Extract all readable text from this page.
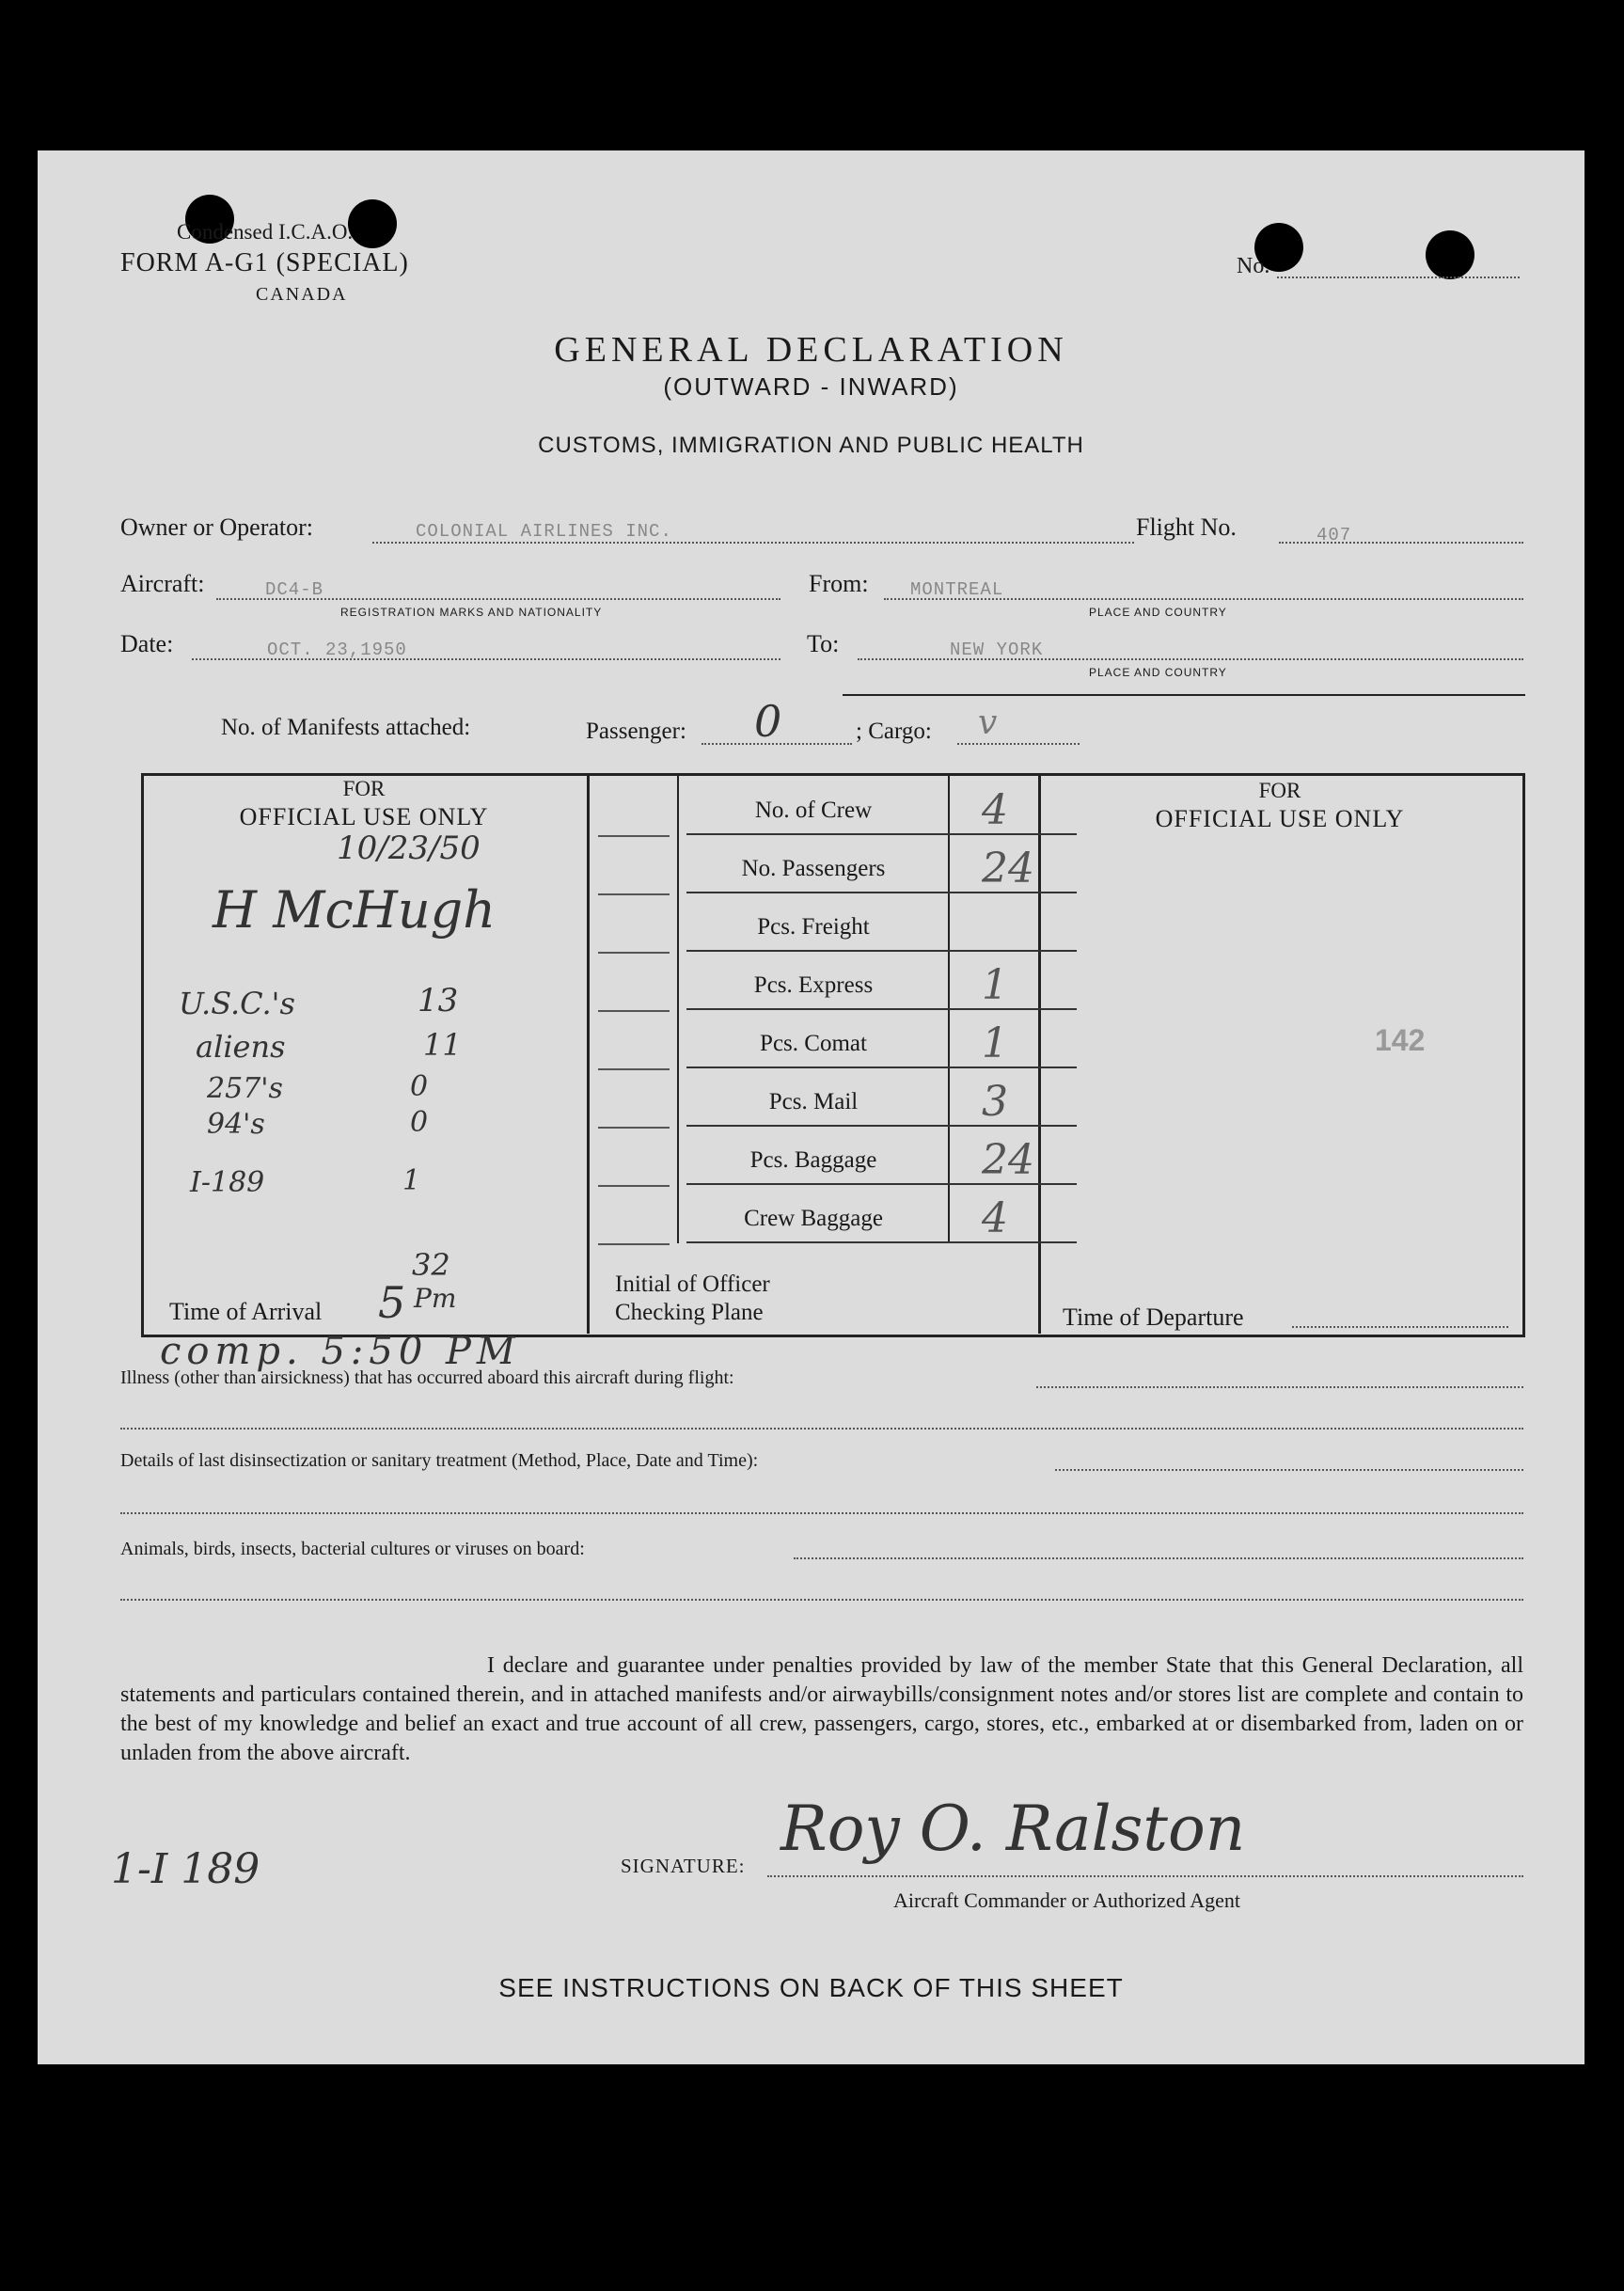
Condensed I.C.A.O.
FORM A-G1 (SPECIAL)
CANADA
No.
GENERAL DECLARATION
(OUTWARD - INWARD)
CUSTOMS, IMMIGRATION AND PUBLIC HEALTH
Owner or Operator:	COLONIAL AIRLINES INC.	Flight No.	407
Aircraft:	DC4-B
REGISTRATION MARKS AND NATIONALITY
From: MONTREAL
PLACE AND COUNTRY
Date:	OCT. 23,1950	To:	NEW YORK
PLACE AND COUNTRY
No. of Manifests attached:	Passenger: 0	; Cargo: v
FOR
OFFICIAL USE ONLY
10/23/50
H McHugh
U.S.C.'s	13
aliens	11
257's	0
94's	0
I-189	1
Time of Arrival 5
32
Pm	Initial of Officer
Checking Plane
FOR
OFFICIAL USE ONLY
142
Time of Departure
comp. 5:50 PM
Illness (other than airsickness) that has occurred aboard this aircraft during flight:
Details of last disinsectization or sanitary treatment (Method, Place, Date and Time):
Animals, birds, insects, bacterial cultures or viruses on board:
I declare and guarantee under penalties provided by law of the member State that this General Declaration, all statements and particulars contained therein, and in attached manifests and/or airwaybills/consignment notes and/or stores list are complete and contain to the best of my knowledge and belief an exact and true account of all crew, passengers, cargo, stores, etc., embarked at or disembarked from, laden on or unladen from the above aircraft.
1-I 189	SIGNATURE:
Roy O. Ralston
Aircraft Commander or Authorized Agent
SEE INSTRUCTIONS ON BACK OF THIS SHEET
No. of Crew	4
No. Passengers	24
Pcs. Freight
Pcs. Express	1
Pcs. Comat	1
Pcs. Mail	3
Pcs. Baggage	24
Crew Baggage	4
